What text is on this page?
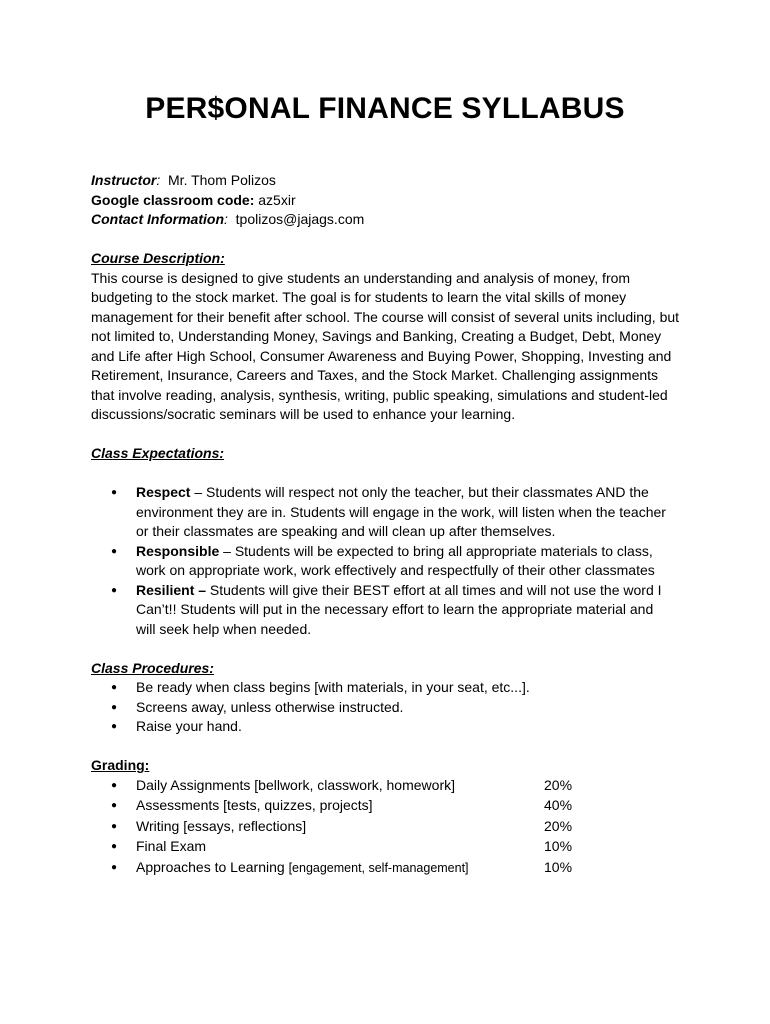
PER$ONAL FINANCE SYLLABUS
Instructor: Mr. Thom Polizos
Google classroom code: az5xir
Contact Information: tpolizos@jajags.com
Course Description:
This course is designed to give students an understanding and analysis of money, from budgeting to the stock market. The goal is for students to learn the vital skills of money management for their benefit after school. The course will consist of several units including, but not limited to, Understanding Money, Savings and Banking, Creating a Budget, Debt, Money and Life after High School, Consumer Awareness and Buying Power, Shopping, Investing and Retirement, Insurance, Careers and Taxes, and the Stock Market. Challenging assignments that involve reading, analysis, synthesis, writing, public speaking, simulations and student-led discussions/socratic seminars will be used to enhance your learning.
Class Expectations:
● Respect – Students will respect not only the teacher, but their classmates AND the environment they are in. Students will engage in the work, will listen when the teacher or their classmates are speaking and will clean up after themselves.
● Responsible – Students will be expected to bring all appropriate materials to class, work on appropriate work, work effectively and respectfully of their other classmates
● Resilient – Students will give their BEST effort at all times and will not use the word I Can’t!! Students will put in the necessary effort to learn the appropriate material and will seek help when needed.
Class Procedures:
● Be ready when class begins [with materials, in your seat, etc...].
● Screens away, unless otherwise instructed.
● Raise your hand.
Grading:
● Daily Assignments [bellwork, classwork, homework]	20%
● Assessments [tests, quizzes, projects]	40%
● Writing [essays, reflections]	20%
● Final Exam	10%
● Approaches to Learning [engagement, self-management]	10%
